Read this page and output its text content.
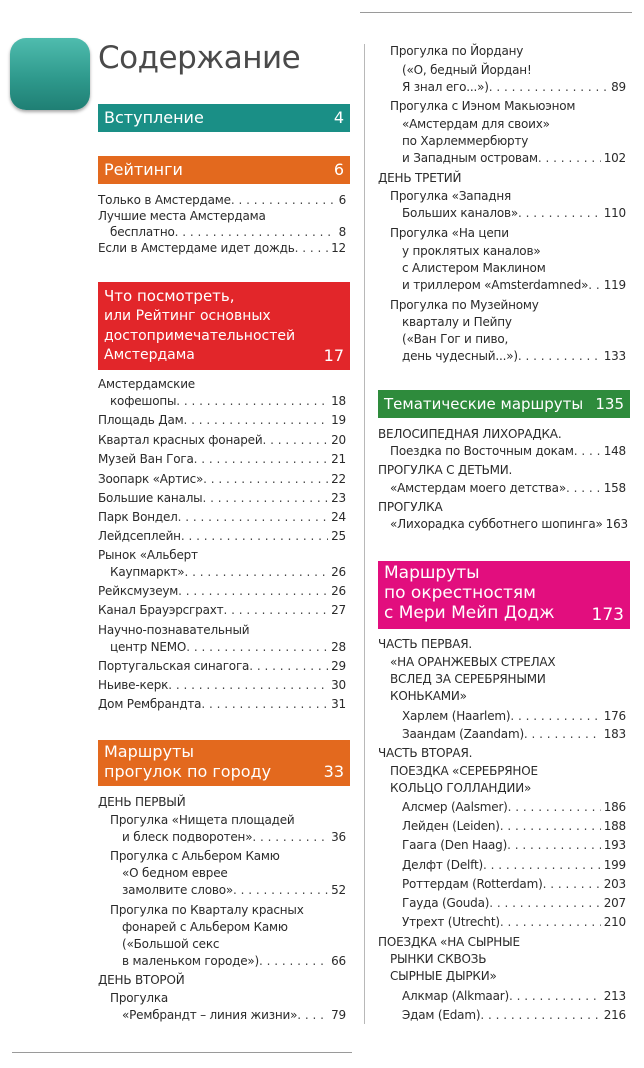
Содержание
Вступление	4
Рейтинги	6
Только в Амстердаме . . .	6
Лучшие места Амстердама
бесплатно . . .	8
Если в Амстердаме идет дождь . . .	12
Что посмотреть,
или Рейтинг основных
достопримечательностей
Амстердама	17
Амстердамские
кофешопы . . .	18
Площадь Дам . . .	19
Квартал красных фонарей . . .	20
Музей Ван Гога . . .	21
Зоопарк «Артис» . . .	22
Большие каналы . . .	23
Парк Вондел . . .	24
Лейдсеплейн . . .	25
Рынок «Альберт
Каупмаркт» . . .	26
Рейксмузеум . . .	26
Канал Брауэрсграхт . . .	27
Научно-познавательный
центр NEMO . . .	28
Португальская синагога . . .	29
Ньиве-керк . . .	30
Дом Рембрандта . . .	31
Маршруты
прогулок по городу	33
ДЕНЬ ПЕРВЫЙ
Прогулка «Нищета площадей
и блеск подворотен» . . .	36
Прогулка с Альбером Камю
«О бедном еврее
замолвите слово» . . .	52
Прогулка по Кварталу красных
фонарей с Альбером Камю
(«Большой секс
в маленьком городе») . . .	66
ДЕНЬ ВТОРОЙ
Прогулка
«Рембрандт – линия жизни» . . .	79
Прогулка по Йордану
(«О, бедный Йордан!
Я знал его...») . . .	89
Прогулка с Иэном Макьюэном
«Амстердам для своих»
по Харлеммербюрту
и Западным островам . . .	102
ДЕНЬ ТРЕТИЙ
Прогулка «Западня
Больших каналов» . . .	110
Прогулка «На цепи
у проклятых каналов»
с Алистером Маклином
и триллером «Amsterdamned» . . . 119
Прогулка по Музейному
кварталу и Пейпу
(«Ван Гог и пиво,
день чудесный...») . . .	133
Тематические маршруты 135
ВЕЛОСИПЕДНАЯ ЛИХОРАДКА.
Поездка по Восточным докам . . . 148
ПРОГУЛКА С ДЕТЬМИ.
«Амстердам моего детства» . . .	158
ПРОГУЛКА
«Лихорадка субботнего шопинга» 163
Маршруты
по окрестностям
с Мери Мейп Додж 173
ЧАСТЬ ПЕРВАЯ.
«НА ОРАНЖЕВЫХ СТРЕЛАХ
ВСЛЕД ЗА СЕРЕБРЯНЫМИ
КОНЬКАМИ»
Харлем (Haarlem) . . .	176
Заандам (Zaandam) . . .	183
ЧАСТЬ ВТОРАЯ.
ПОЕЗДКА «СЕРЕБРЯНОЕ
КОЛЬЦО ГОЛЛАНДИИ»
Алсмер (Aalsmer) . . .	186
Лейден (Leiden) . . .	188
Гаага (Den Haag) . . .	193
Делфт (Delft) . . .	199
Роттердам (Rotterdam) . . .	203
Гауда (Gouda) . . .	207
Утрехт (Utrecht) . . .	210
ПОЕЗДКА «НА СЫРНЫЕ
РЫНКИ СКВОЗЬ
СЫРНЫЕ ДЫРКИ»
Алкмар (Alkmaar) . . .	213
Эдам (Edam) . . .	216
